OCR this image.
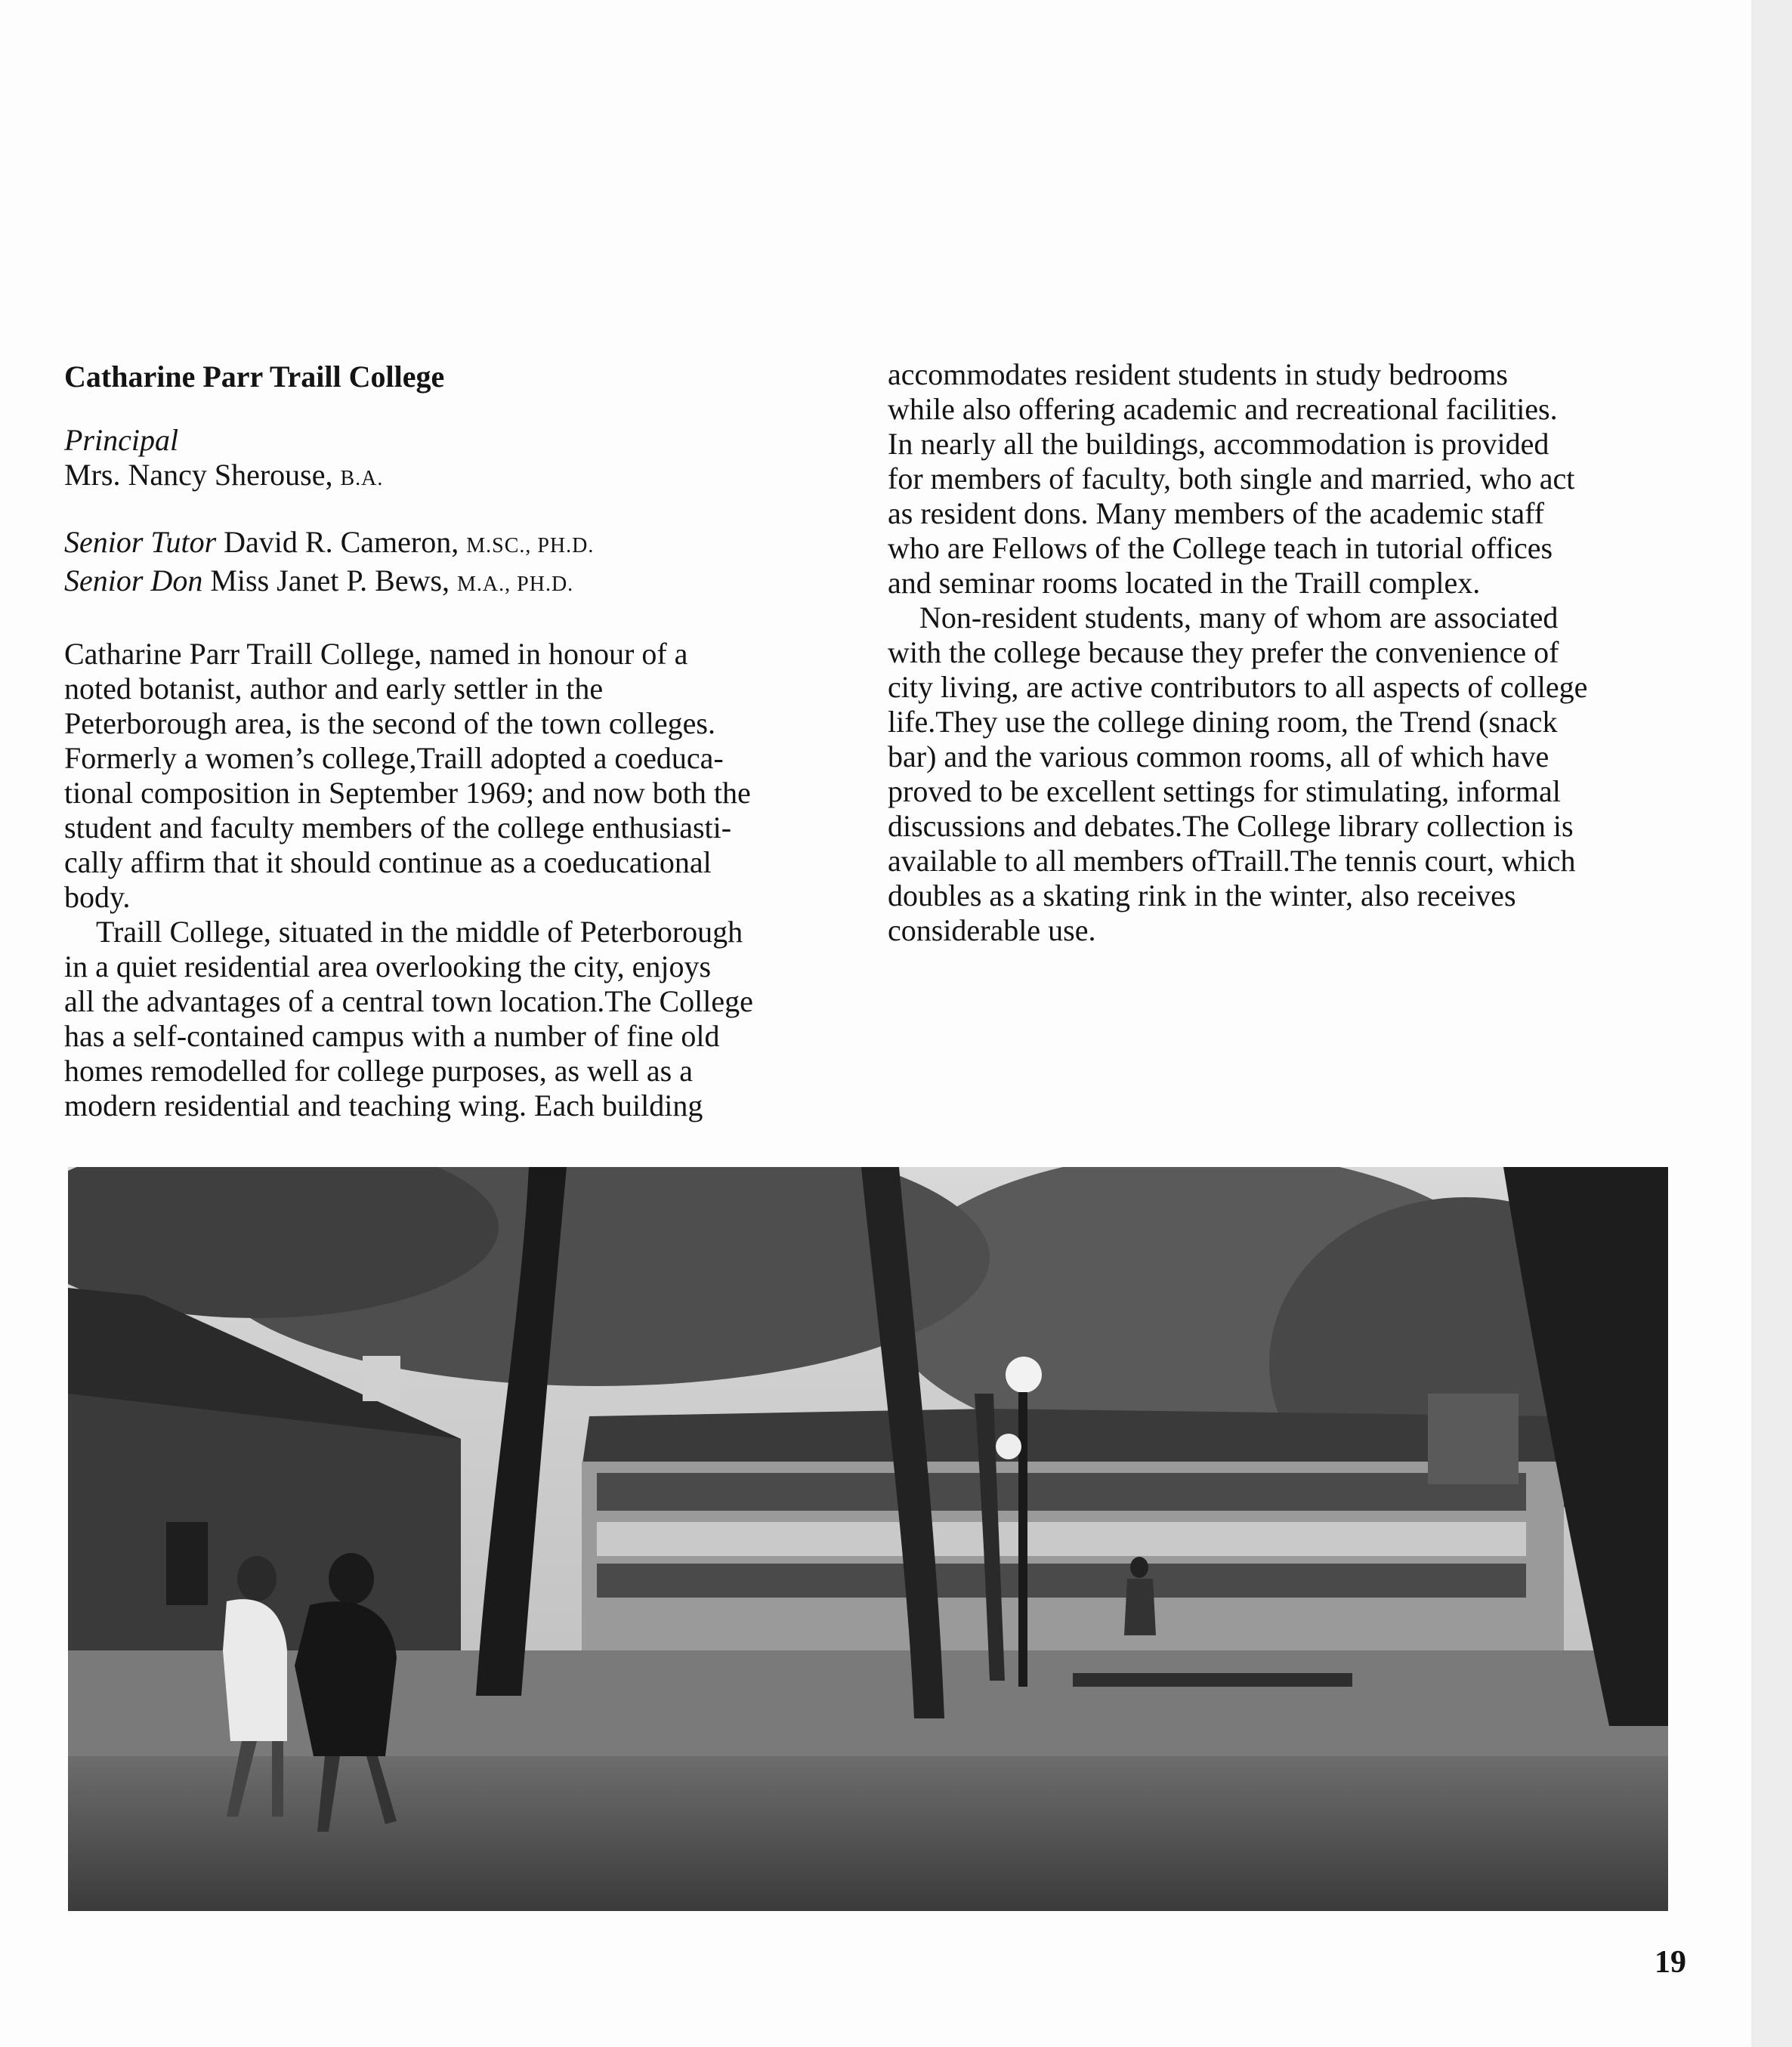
Catharine Parr Traill College

Principal
Mrs. Nancy Sherouse, B.A.
Senior Tutor David R. Cameron, M.SC., PH.D.
Senior Don Miss Janet P. Bews, M.A., PH.D.
Catharine Parr Traill College, named in honour of a
noted botanist, author and early settler in the
Peterborough area, is the second of the town colleges.
Formerly a women’s college,Traill adopted a coeduca-
tional composition in September 1969; and now both the
student and faculty members of the college enthusiasti-
cally affirm that it should continue as a coeducational
body.
Traill College, situated in the middle of Peterborough
in a quiet residential area overlooking the city, enjoys
all the advantages of a central town location.The College
has a self-contained campus with a number of fine old
homes remodelled for college purposes, as well as a
modern residential and teaching wing. Each building
accommodates resident students in study bedrooms
while also offering academic and recreational facilities.
In nearly all the buildings, accommodation is provided
for members of faculty, both single and married, who act
as resident dons. Many members of the academic staff
who are Fellows of the College teach in tutorial offices
and seminar rooms located in the Traill complex.
Non-resident students, many of whom are associated
with the college because they prefer the convenience of
city living, are active contributors to all aspects of college
life.They use the college dining room, the Trend (snack
bar) and the various common rooms, all of which have
proved to be excellent settings for stimulating, informal
discussions and debates.The College library collection is
available to all members ofTraill.The tennis court, which
doubles as a skating rink in the winter, also receives
considerable use.
19
